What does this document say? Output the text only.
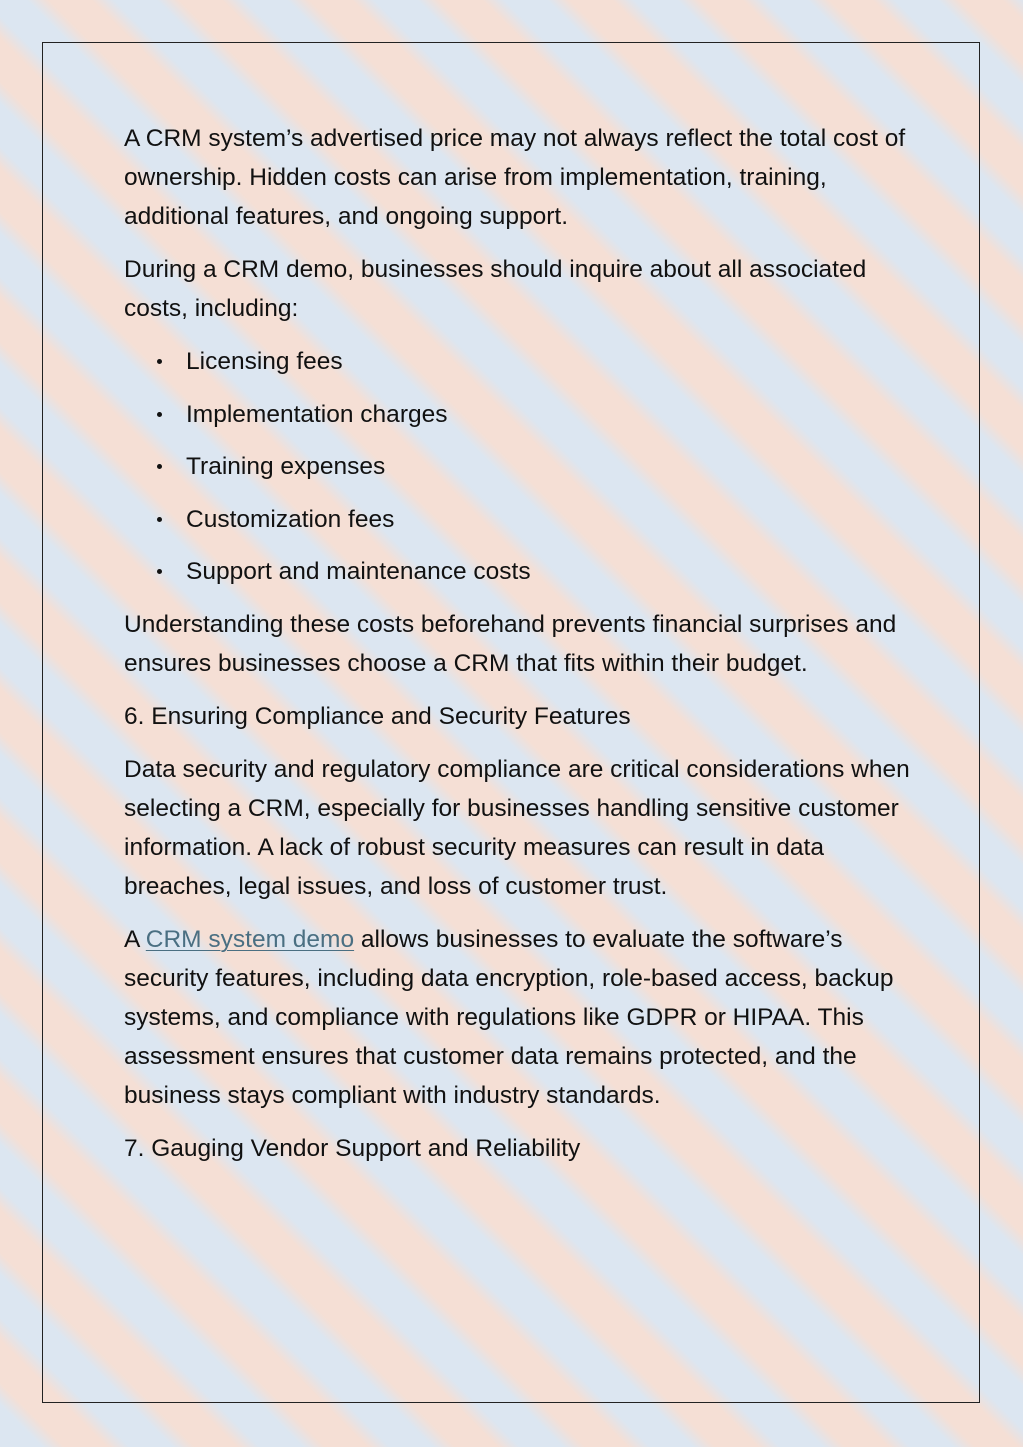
A CRM system’s advertised price may not always reflect the total cost of ownership. Hidden costs can arise from implementation, training, additional features, and ongoing support.

During a CRM demo, businesses should inquire about all associated costs, including:

Licensing fees
Implementation charges
Training expenses
Customization fees
Support and maintenance costs

Understanding these costs beforehand prevents financial surprises and ensures businesses choose a CRM that fits within their budget.

6. Ensuring Compliance and Security Features

Data security and regulatory compliance are critical considerations when selecting a CRM, especially for businesses handling sensitive customer information. A lack of robust security measures can result in data breaches, legal issues, and loss of customer trust.

A CRM system demo allows businesses to evaluate the software’s security features, including data encryption, role-based access, backup systems, and compliance with regulations like GDPR or HIPAA. This assessment ensures that customer data remains protected, and the business stays compliant with industry standards.

7. Gauging Vendor Support and Reliability
